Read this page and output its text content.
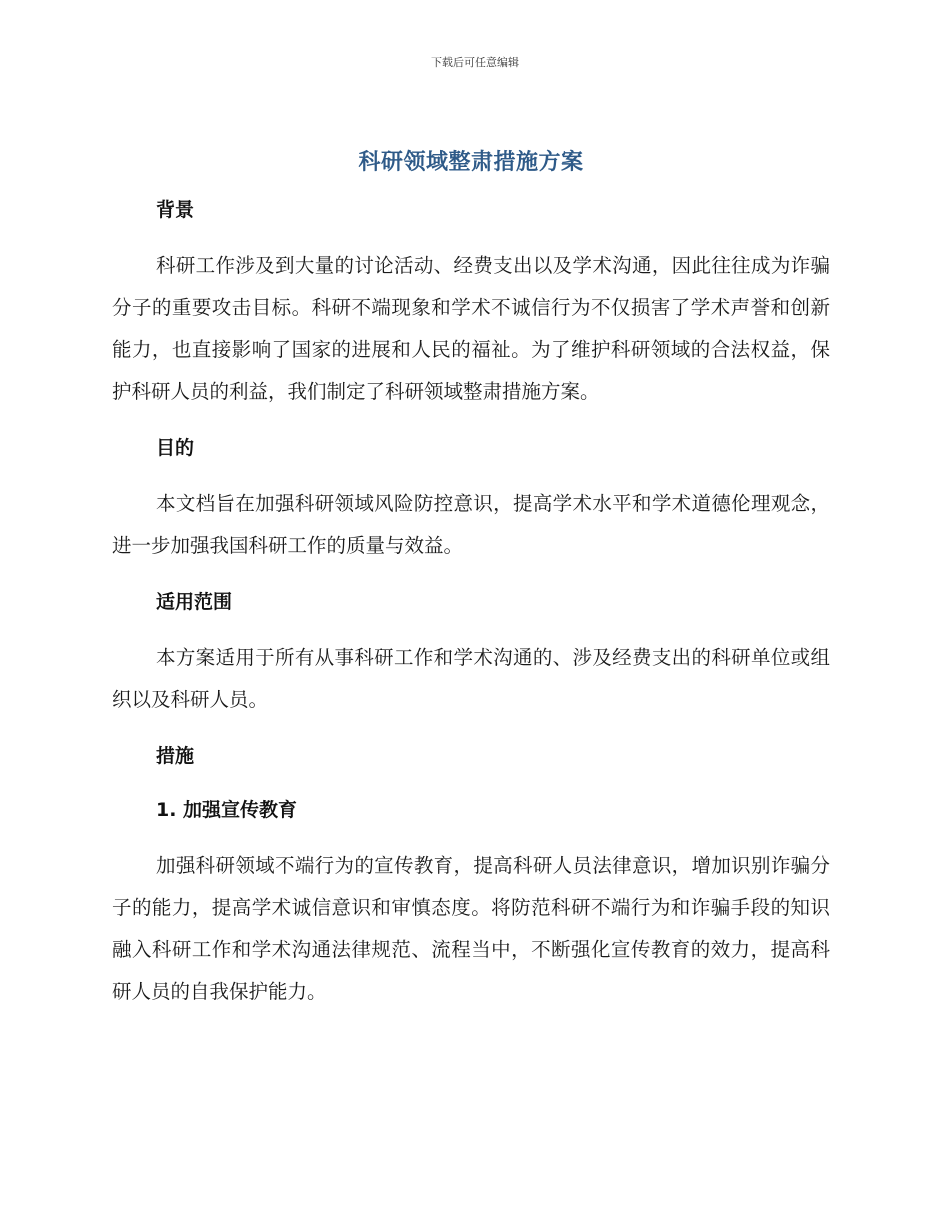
下载后可任意编辑
科研领域整肃措施方案
背景

科研工作涉及到大量的讨论活动、经费支出以及学术沟通，因此往往成为诈骗分子的重要攻击目标。科研不端现象和学术不诚信行为不仅损害了学术声誉和创新能力，也直接影响了国家的进展和人民的福祉。为了维护科研领域的合法权益，保护科研人员的利益，我们制定了科研领域整肃措施方案。

目的

本文档旨在加强科研领域风险防控意识，提高学术水平和学术道德伦理观念，进一步加强我国科研工作的质量与效益。

适用范围

本方案适用于所有从事科研工作和学术沟通的、涉及经费支出的科研单位或组织以及科研人员。

措施
1. 加强宣传教育

加强科研领域不端行为的宣传教育，提高科研人员法律意识，增加识别诈骗分子的能力，提高学术诚信意识和审慎态度。将防范科研不端行为和诈骗手段的知识融入科研工作和学术沟通法律规范、流程当中，不断强化宣传教育的效力，提高科研人员的自我保护能力。
